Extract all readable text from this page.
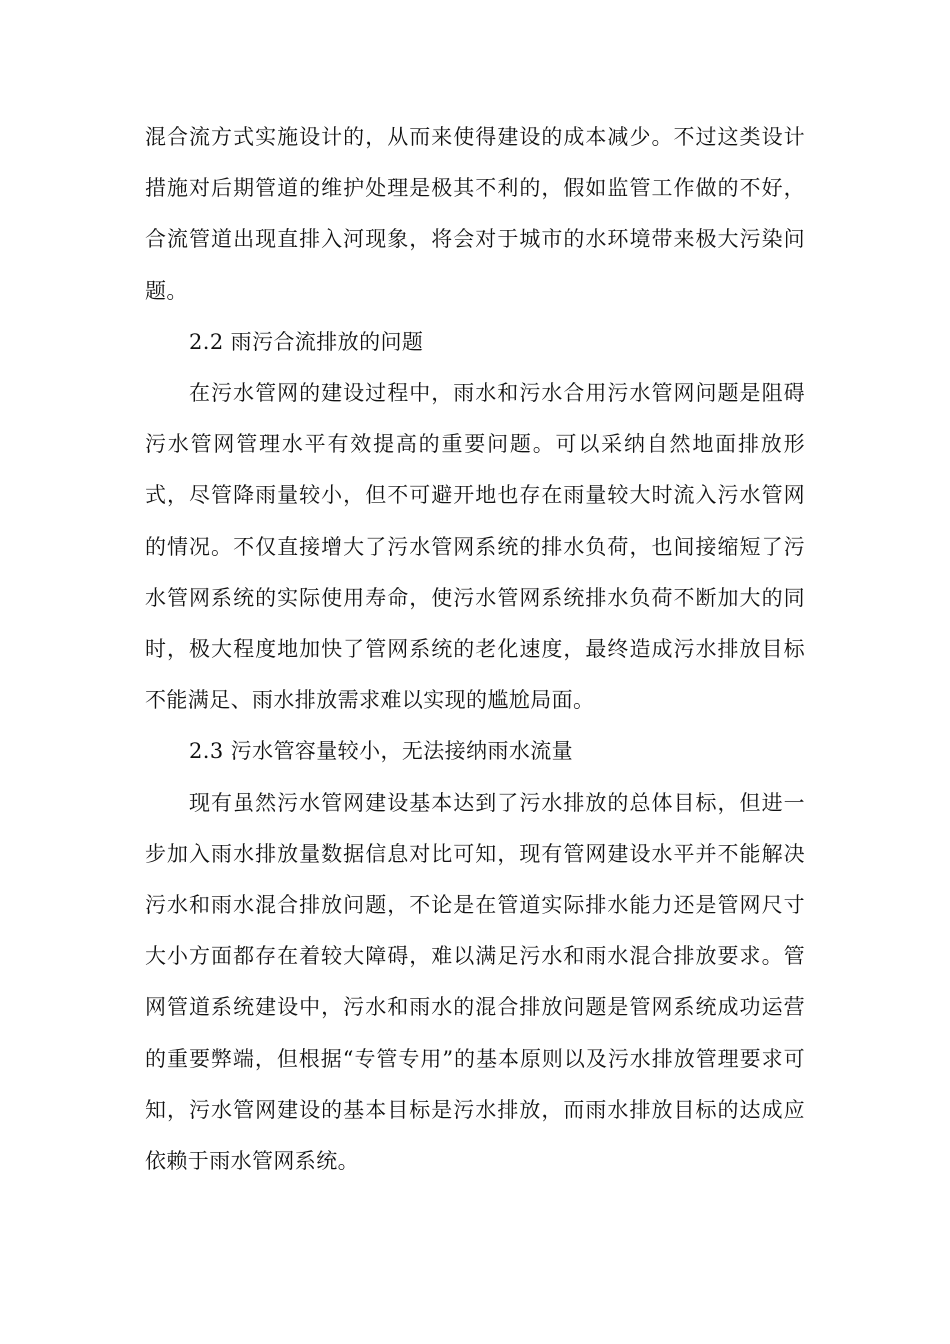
混合流方式实施设计的，从而来使得建设的成本减少。不过这类设计措施对后期管道的维护处理是极其不利的，假如监管工作做的不好，合流管道出现直排入河现象，将会对于城市的水环境带来极大污染问题。

2.2 雨污合流排放的问题

在污水管网的建设过程中，雨水和污水合用污水管网问题是阻碍污水管网管理水平有效提高的重要问题。可以采纳自然地面排放形式，尽管降雨量较小，但不可避开地也存在雨量较大时流入污水管网的情况。不仅直接增大了污水管网系统的排水负荷，也间接缩短了污水管网系统的实际使用寿命，使污水管网系统排水负荷不断加大的同时，极大程度地加快了管网系统的老化速度，最终造成污水排放目标不能满足、雨水排放需求难以实现的尴尬局面。

2.3 污水管容量较小，无法接纳雨水流量

现有虽然污水管网建设基本达到了污水排放的总体目标，但进一步加入雨水排放量数据信息对比可知，现有管网建设水平并不能解决污水和雨水混合排放问题，不论是在管道实际排水能力还是管网尺寸大小方面都存在着较大障碍，难以满足污水和雨水混合排放要求。管网管道系统建设中，污水和雨水的混合排放问题是管网系统成功运营的重要弊端，但根据“专管专用”的基本原则以及污水排放管理要求可知，污水管网建设的基本目标是污水排放，而雨水排放目标的达成应依赖于雨水管网系统。
